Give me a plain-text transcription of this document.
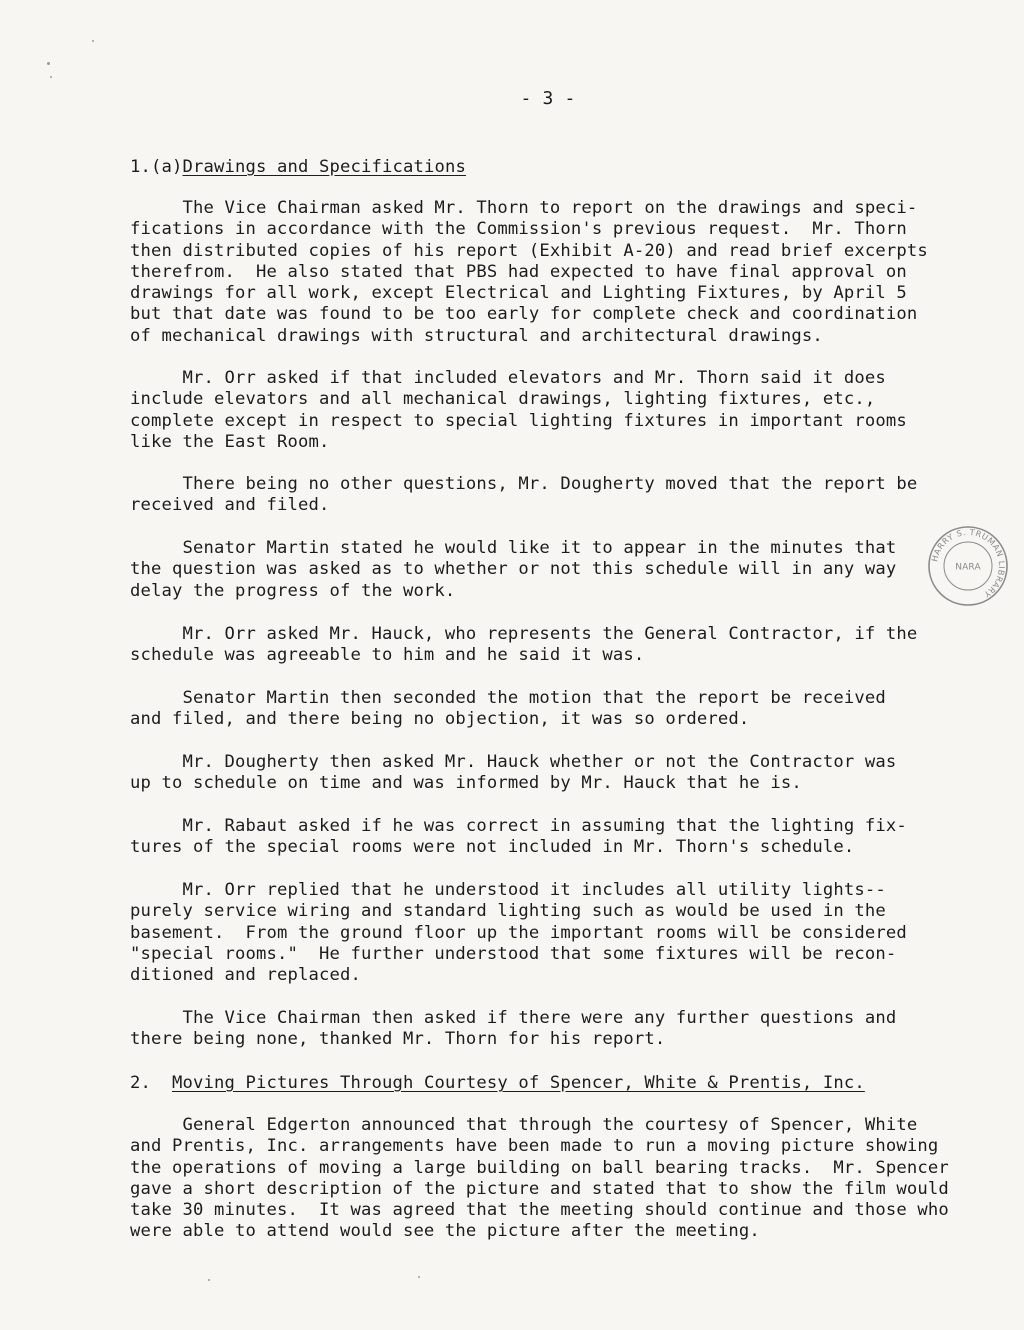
- 3 -
1.(a)Drawings and Specifications
The Vice Chairman asked Mr. Thorn to report on the drawings and speci-
fications in accordance with the Commission's previous request.  Mr. Thorn
then distributed copies of his report (Exhibit A-20) and read brief excerpts
therefrom.  He also stated that PBS had expected to have final approval on
drawings for all work, except Electrical and Lighting Fixtures, by April 5
but that date was found to be too early for complete check and coordination
of mechanical drawings with structural and architectural drawings.
Mr. Orr asked if that included elevators and Mr. Thorn said it does
include elevators and all mechanical drawings, lighting fixtures, etc.,
complete except in respect to special lighting fixtures in important rooms
like the East Room.
There being no other questions, Mr. Dougherty moved that the report be
received and filed.
Senator Martin stated he would like it to appear in the minutes that
the question was asked as to whether or not this schedule will in any way
delay the progress of the work.
Mr. Orr asked Mr. Hauck, who represents the General Contractor, if the
schedule was agreeable to him and he said it was.
Senator Martin then seconded the motion that the report be received
and filed, and there being no objection, it was so ordered.
Mr. Dougherty then asked Mr. Hauck whether or not the Contractor was
up to schedule on time and was informed by Mr. Hauck that he is.
Mr. Rabaut asked if he was correct in assuming that the lighting fix-
tures of the special rooms were not included in Mr. Thorn's schedule.
Mr. Orr replied that he understood it includes all utility lights--
purely service wiring and standard lighting such as would be used in the
basement.  From the ground floor up the important rooms will be considered
"special rooms."  He further understood that some fixtures will be recon-
ditioned and replaced.
The Vice Chairman then asked if there were any further questions and
there being none, thanked Mr. Thorn for his report.
2.  Moving Pictures Through Courtesy of Spencer, White & Prentis, Inc.
General Edgerton announced that through the courtesy of Spencer, White
and Prentis, Inc. arrangements have been made to run a moving picture showing
the operations of moving a large building on ball bearing tracks.  Mr. Spencer
gave a short description of the picture and stated that to show the film would
take 30 minutes.  It was agreed that the meeting should continue and those who
were able to attend would see the picture after the meeting.
HARRY S. TRUMAN LIBRARY
NARA
